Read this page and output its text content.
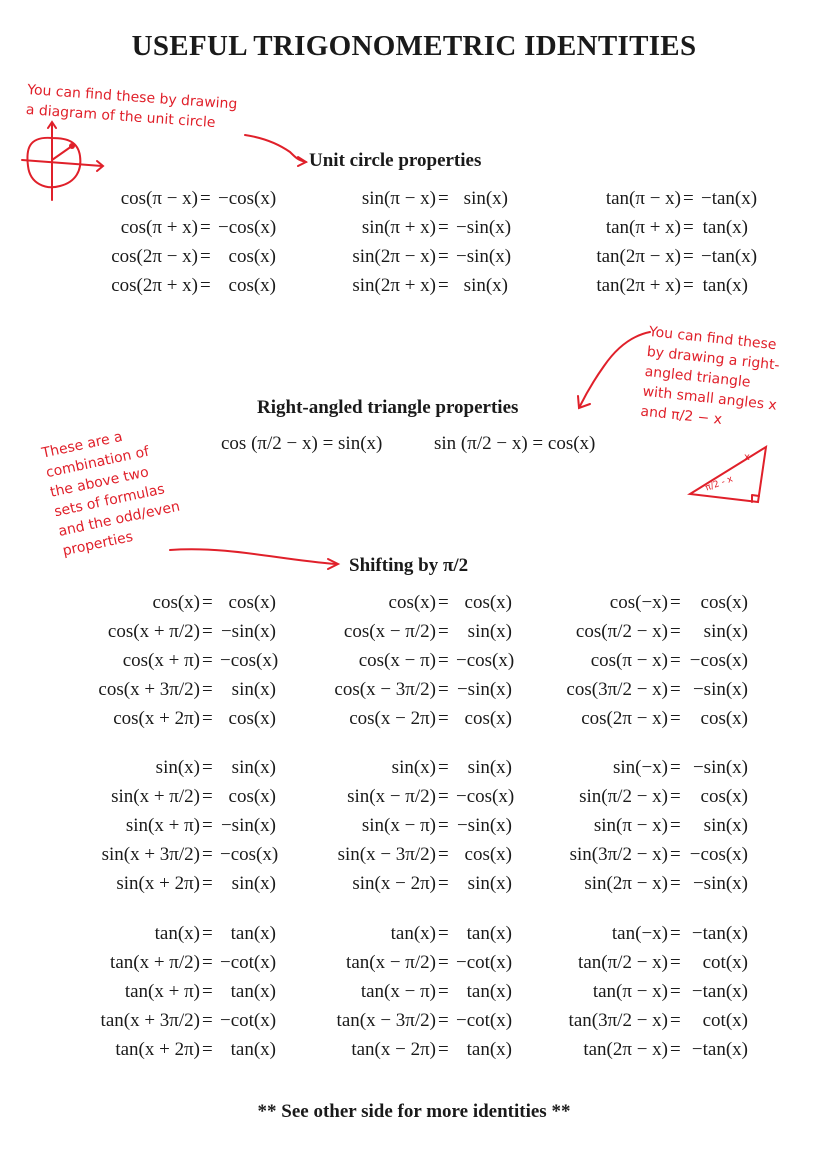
USEFUL TRIGONOMETRIC IDENTITIES
You can find these by drawing
a diagram of the unit circle
You can find these
by drawing a right-
angled triangle
with small angles x
and π/2 − x
x
π/2 - x
These are a
combination of
the above two
sets of formulas
and the odd/even
properties
Unit circle properties
cos(π − x) = −cos(x)	sin(π − x) = sin(x)	tan(π − x) = −tan(x)
cos(π + x) = −cos(x)	sin(π + x) = −sin(x)	tan(π + x) = tan(x)
cos(2π − x) = cos(x)	sin(2π − x) = −sin(x)	tan(2π − x) = −tan(x)
cos(2π + x) = cos(x)	sin(2π + x) = sin(x)	tan(2π + x) = tan(x)
Right-angled triangle properties
cos (π/2 − x) = sin(x)	sin (π/2 − x) = cos(x)
Shifting by π/2
cos(x) = cos(x)	cos(x) = cos(x)	cos(−x) =	cos(x)
cos(x + π/2) = −sin(x)	cos(x − π/2) = sin(x)	cos(π/2 − x) =	sin(x)
cos(x + π) = −cos(x)	cos(x − π) = −cos(x)	cos(π − x) = −cos(x)
cos(x + 3π/2) = sin(x)	cos(x − 3π/2) = −sin(x)	cos(3π/2 − x) = −sin(x)
cos(x + 2π) = cos(x)	cos(x − 2π) = cos(x)	cos(2π − x) =	cos(x)
sin(x) = sin(x)	sin(x) = sin(x)	sin(−x) = −sin(x)
sin(x + π/2) = cos(x)	sin(x − π/2) = −cos(x)	sin(π/2 − x) =	cos(x)
sin(x + π) = −sin(x)	sin(x − π) = −sin(x)	sin(π − x) =	sin(x)
sin(x + 3π/2) = −cos(x)	sin(x − 3π/2) = cos(x)	sin(3π/2 − x) = −cos(x)
sin(x + 2π) = sin(x)	sin(x − 2π) = sin(x)	sin(2π − x) = −sin(x)
tan(x) = tan(x)	tan(x) = tan(x)	tan(−x) = −tan(x)
tan(x + π/2) = −cot(x)	tan(x − π/2) = −cot(x)	tan(π/2 − x) =	cot(x)
tan(x + π) = tan(x)	tan(x − π) = tan(x)	tan(π − x) = −tan(x)
tan(x + 3π/2) = −cot(x)	tan(x − 3π/2) = −cot(x)	tan(3π/2 − x) =	cot(x)
tan(x + 2π) = tan(x)	tan(x − 2π) = tan(x)	tan(2π − x) = −tan(x)
** See other side for more identities **
